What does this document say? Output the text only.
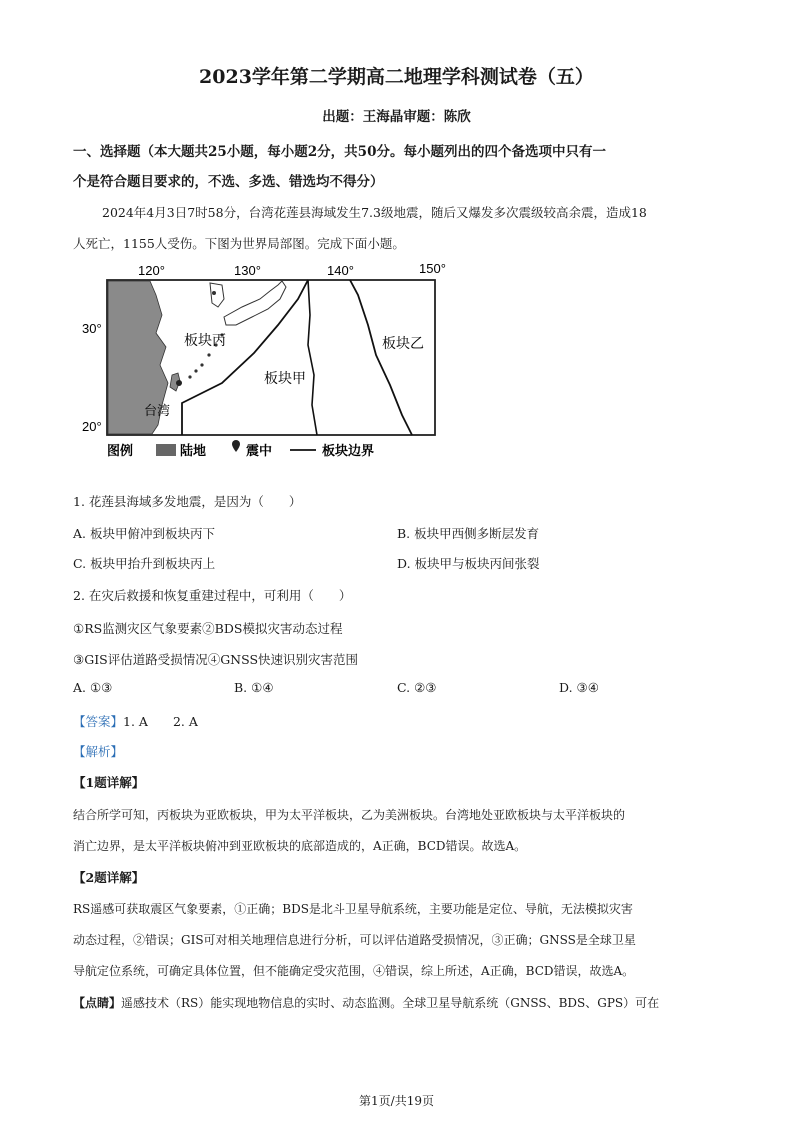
2023学年第二学期高二地理学科测试卷（五）
出题：王海晶审题：陈欣
一、选择题（本大题共25小题，每小题2分，共50分。每小题列出的四个备选项中只有一
个是符合题目要求的，不选、多选、错选均不得分）
2024年4月3日7时58分，台湾花莲县海域发生7.3级地震，随后又爆发多次震级较高余震，造成18
人死亡，1155人受伤。下图为世界局部图。完成下面小题。
120°	130°	140°	150°
30°
20°
板块丙
板块甲
板块乙
台湾
图例	陆地	震中	板块边界
1. 花莲县海域多发地震，是因为（　　）
A. 板块甲俯冲到板块丙下	B. 板块甲西侧多断层发育
C. 板块甲抬升到板块丙上	D. 板块甲与板块丙间张裂
2. 在灾后救援和恢复重建过程中，可利用（　　）
①RS监测灾区气象要素②BDS模拟灾害动态过程
③GIS评估道路受损情况④GNSS快速识别灾害范围
A. ①③	B. ①④	C. ②③	D. ③④
【答案】1. A　　2. A
【解析】
【1题详解】
结合所学可知，丙板块为亚欧板块，甲为太平洋板块，乙为美洲板块。台湾地处亚欧板块与太平洋板块的
消亡边界，是太平洋板块俯冲到亚欧板块的底部造成的，A正确，BCD错误。故选A。
【2题详解】
RS遥感可获取震区气象要素，①正确；BDS是北斗卫星导航系统，主要功能是定位、导航，无法模拟灾害
动态过程，②错误；GIS可对相关地理信息进行分析，可以评估道路受损情况，③正确；GNSS是全球卫星
导航定位系统，可确定具体位置，但不能确定受灾范围，④错误，综上所述，A正确，BCD错误，故选A。
【点睛】遥感技术（RS）能实现地物信息的实时、动态监测。全球卫星导航系统（GNSS、BDS、GPS）可在
第1页/共19页
